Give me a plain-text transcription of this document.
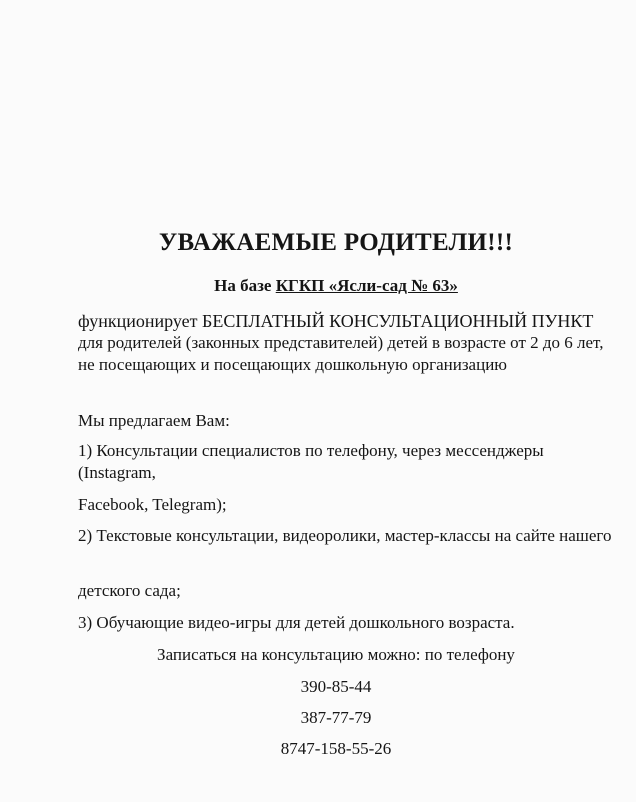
УВАЖАЕМЫЕ РОДИТЕЛИ!!!
На базе КГКП «Ясли-сад № 63»
функционирует БЕСПЛАТНЫЙ КОНСУЛЬТАЦИОННЫЙ ПУНКТ
для родителей (законных представителей) детей в возрасте от 2 до 6 лет, не посещающих и посещающих дошкольную организацию
Мы предлагаем Вам:
1) Консультации специалистов по телефону, через мессенджеры (Instagram,
Facebook, Telegram);
2) Текстовые консультации, видеоролики, мастер-классы на сайте нашего
детского сада;
3) Обучающие видео-игры для детей дошкольного возраста.
Записаться на консультацию можно: по телефону
390-85-44
387-77-79
8747-158-55-26
